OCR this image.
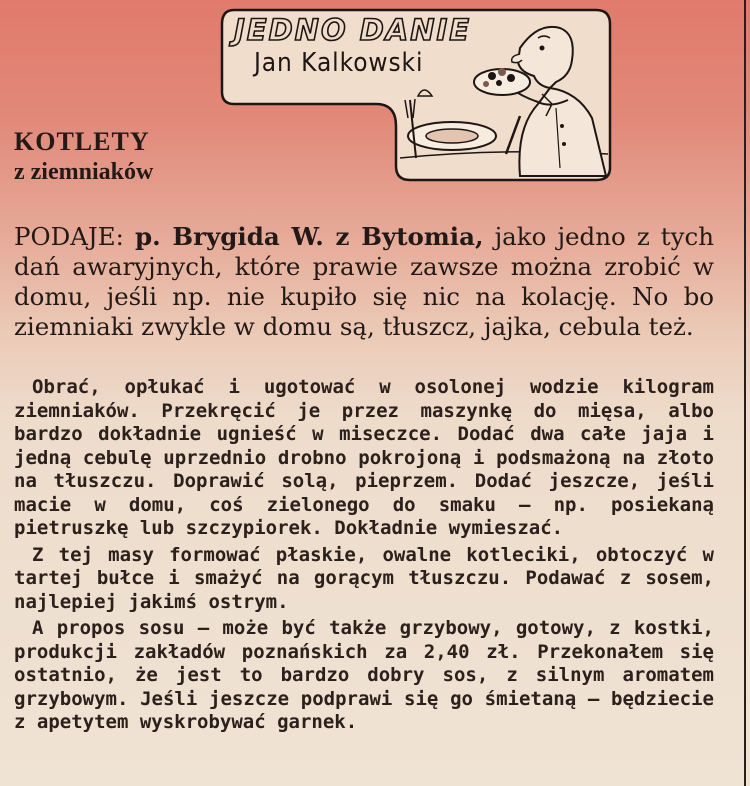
JEDNO DANIE
Jan Kalkowski
KOTLETY
z ziemniaków

PODAJE: p. Brygida W. z Bytomia, jako jedno z tych dań awaryjnych, które prawie zawsze można zrobić w domu, jeśli np. nie kupiło się nic na kolację. No bo ziemniaki zwykle w domu są, tłuszcz, jajka, cebula też.

Obrać, opłukać i ugotować w osolonej wodzie kilogram ziemniaków. Przekręcić je przez maszynkę do mięsa, albo bardzo dokładnie ugnieść w miseczce. Dodać dwa całe jaja i jedną cebulę uprzednio drobno pokrojoną i podsmażoną na złoto na tłuszczu. Doprawić solą, pieprzem. Dodać jeszcze, jeśli macie w domu, coś zielonego do smaku — np. posiekaną pietruszkę lub szczypiorek. Dokładnie wymieszać.

Z tej masy formować płaskie, owalne kotleciki, obtoczyć w tartej bułce i smażyć na gorącym tłuszczu. Podawać z sosem, najlepiej jakimś ostrym.

A propos sosu — może być także grzybowy, gotowy, z kostki, produkcji zakładów poznańskich za 2,40 zł. Przekonałem się ostatnio, że jest to bardzo dobry sos, z silnym aromatem grzybowym. Jeśli jeszcze podprawi się go śmietaną — będziecie z apetytem wyskrobywać garnek.
